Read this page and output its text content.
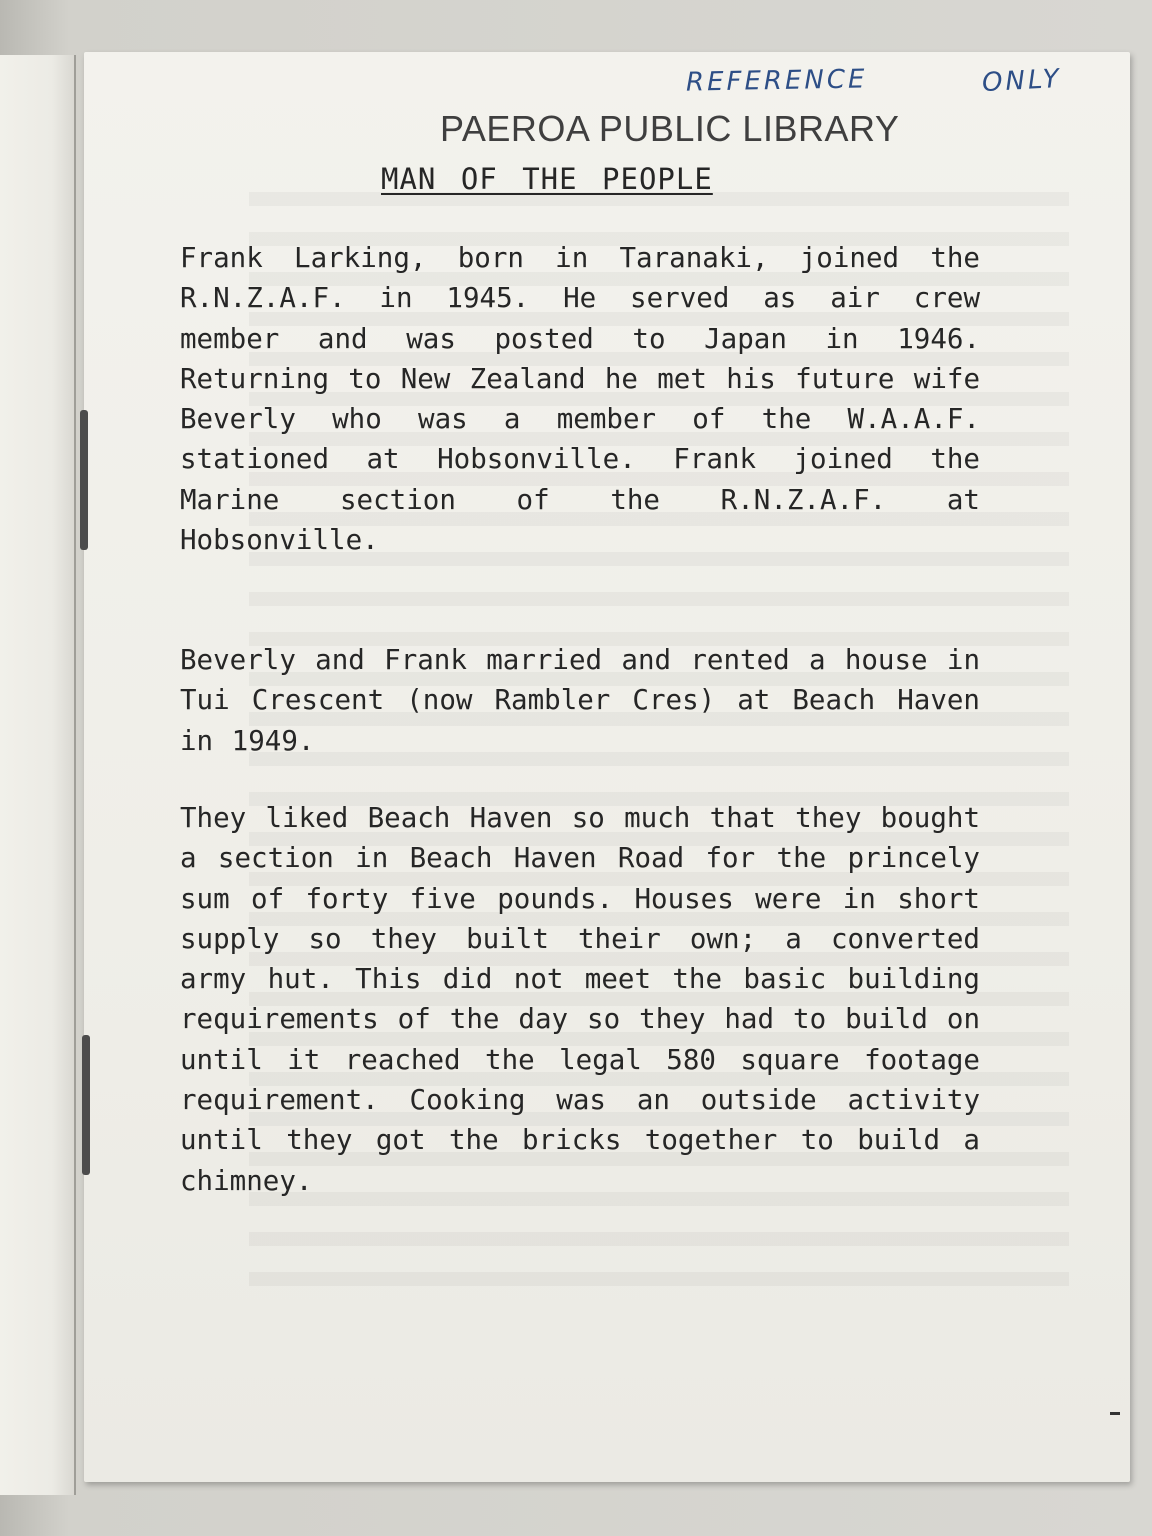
REFERENCE	ONLY
PAEROA PUBLIC LIBRARY
MAN OF THE PEOPLE

Frank Larking, born in Taranaki, joined the R.N.Z.A.F. in 1945. He served as air crew member and was posted to Japan in 1946. Returning to New Zealand he met his future wife Beverly who was a member of the W.A.A.F. stationed at Hobsonville. Frank joined the Marine section of the R.N.Z.A.F. at Hobsonville.

Beverly and Frank married and rented a house in Tui Crescent (now Rambler Cres) at Beach Haven in 1949.

They liked Beach Haven so much that they bought a section in Beach Haven Road for the princely sum of forty five pounds. Houses were in short supply so they built their own; a converted army hut. This did not meet the basic building requirements of the day so they had to build on until it reached the legal 580 square footage requirement. Cooking was an outside activity until they got the bricks together to build a chimney.
